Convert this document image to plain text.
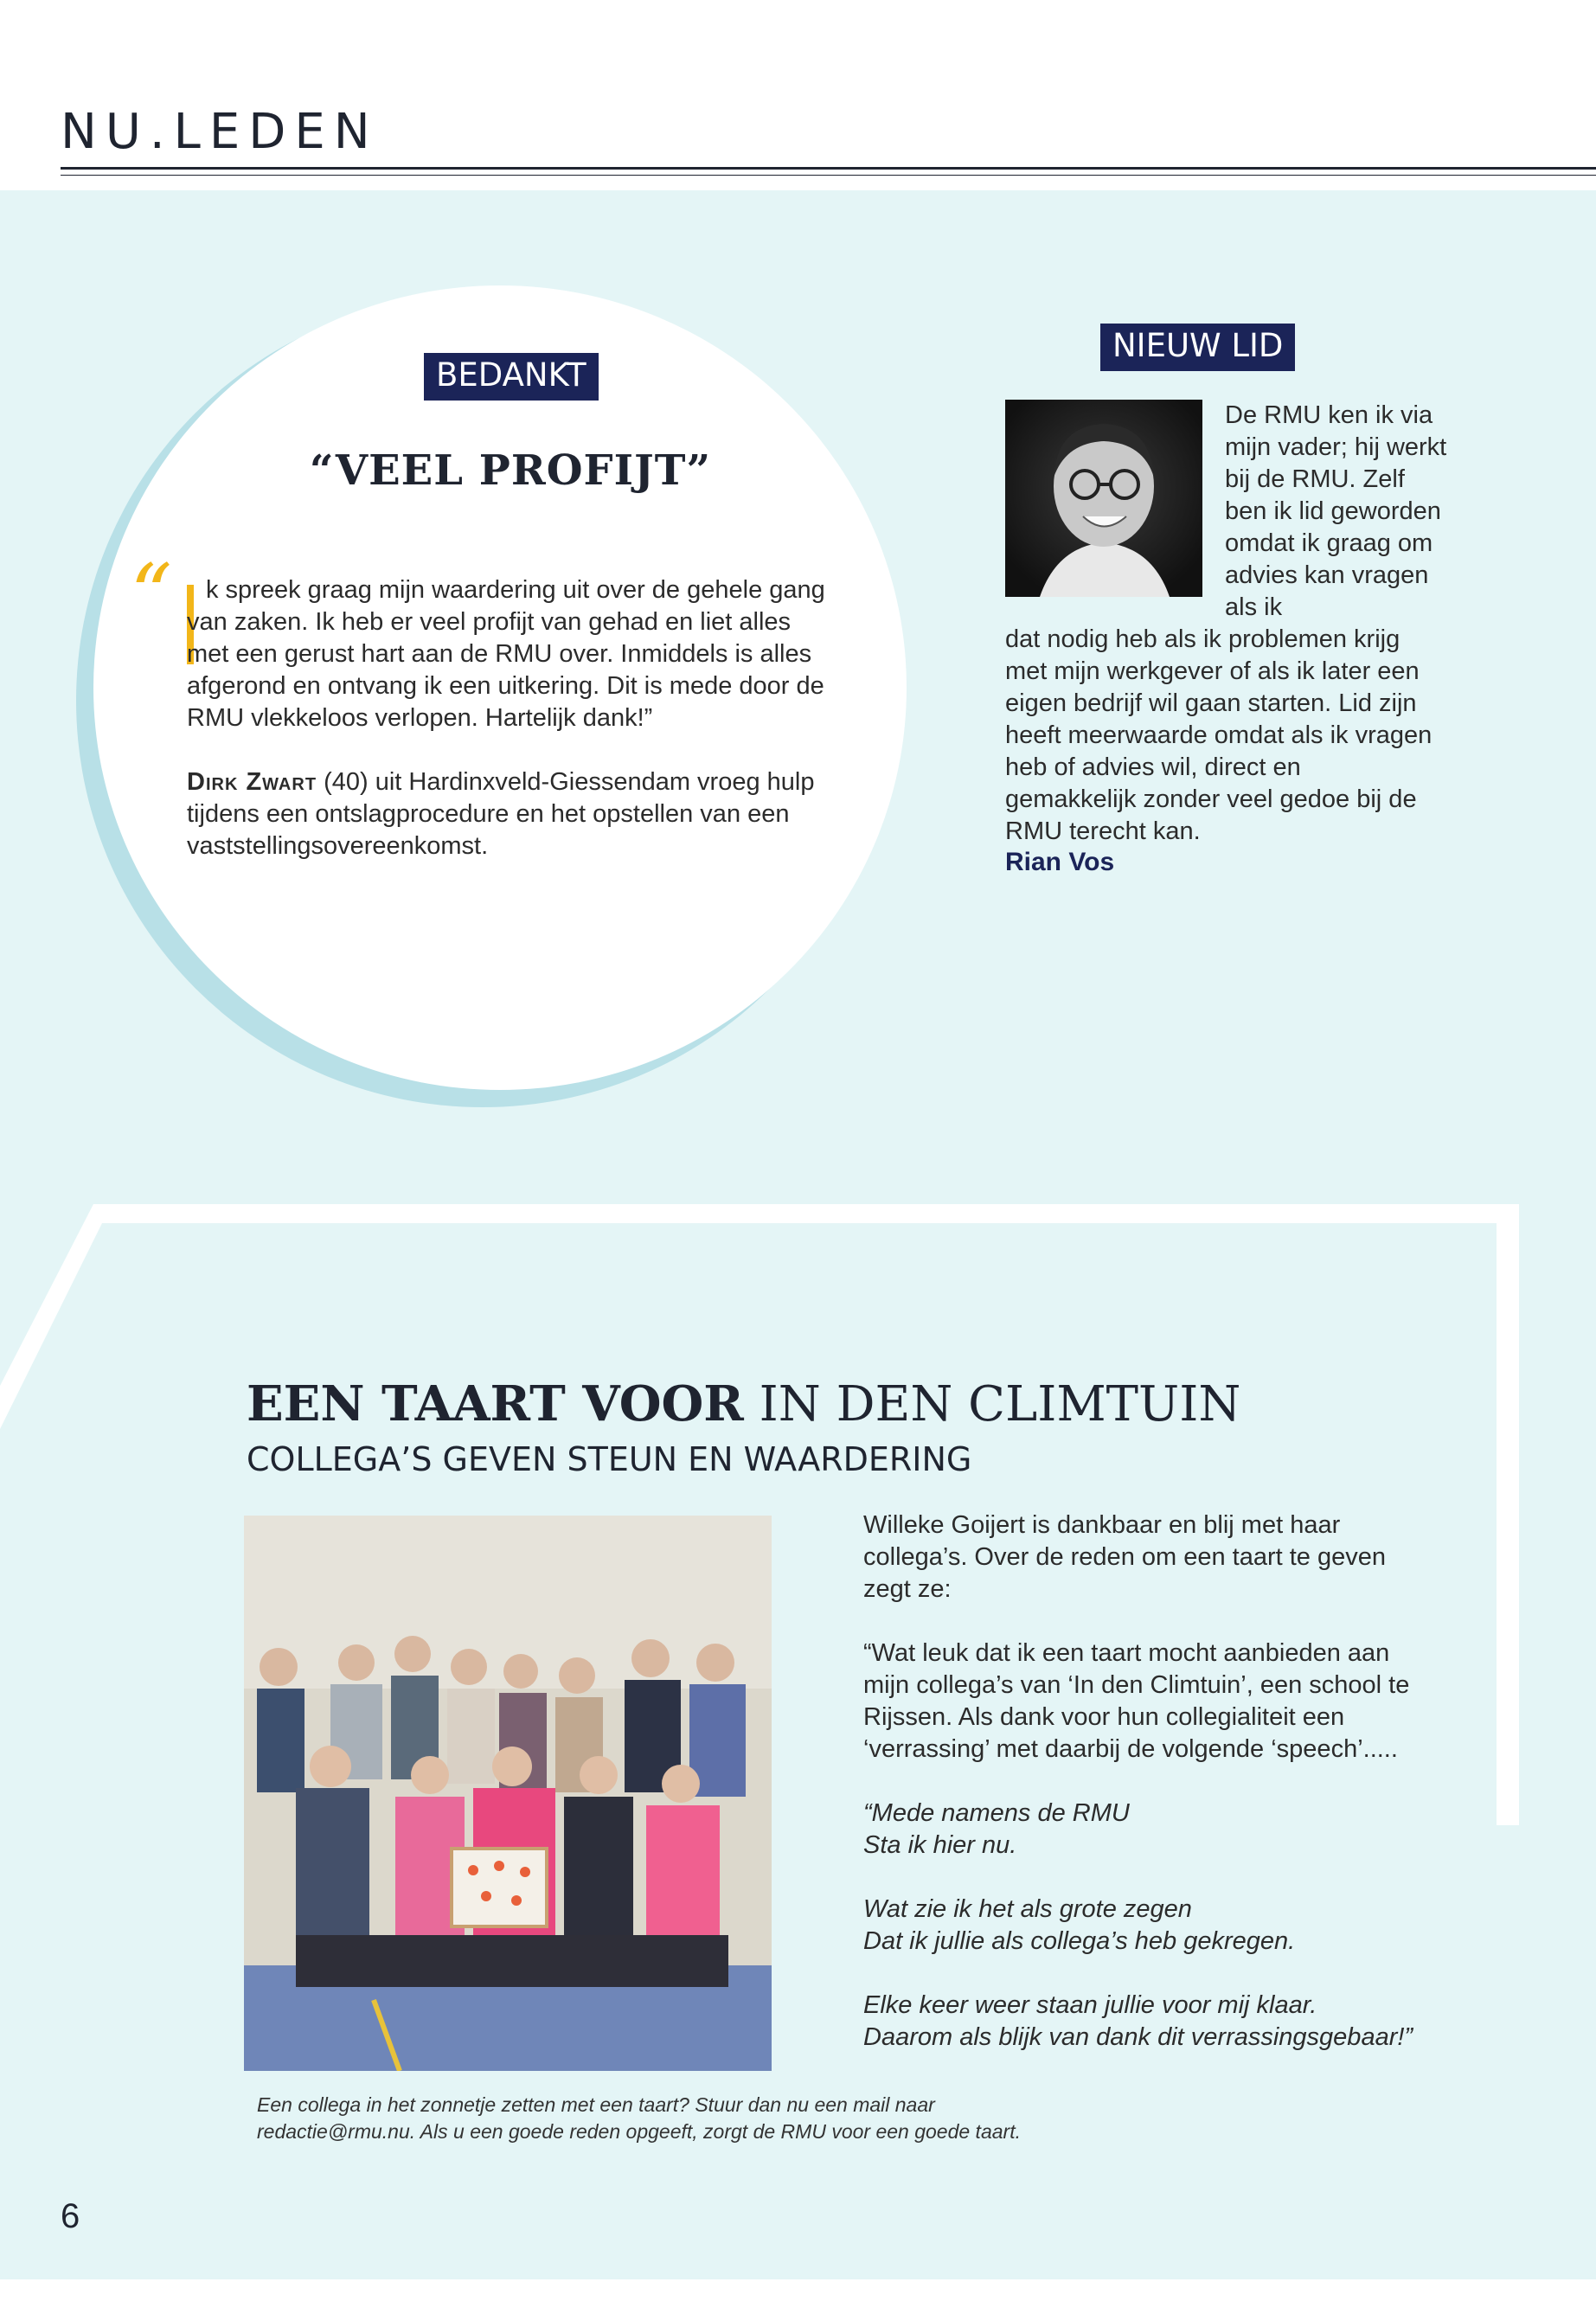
NU.LEDEN
BEDANKT
“VEEL PROFIJT”
“	k spreek graag mijn waardering uit over de gehele gang van zaken. Ik heb er veel profijt van gehad en liet alles met een gerust hart aan de RMU over. Inmiddels is alles afgerond en ontvang ik een uitkering. Dit is mede door de RMU vlekkeloos verlopen. Hartelijk dank!”
Dirk Zwart (40) uit Hardinxveld-Giessendam vroeg hulp tijdens een ontslagprocedure en het opstellen van een vaststellingsovereenkomst.
NIEUW LID
De RMU ken ik via mijn vader; hij werkt bij de RMU. Zelf ben ik lid geworden omdat ik graag om advies kan vragen als ik
dat nodig heb als ik problemen krijg met mijn werkgever of als ik later een eigen bedrijf wil gaan starten. Lid zijn heeft meerwaarde omdat als ik vragen heb of advies wil, direct en gemakkelijk zonder veel gedoe bij de RMU terecht kan.
Rian Vos
EEN TAART VOOR IN DEN CLIMTUIN
COLLEGA’S GEVEN STEUN EN WAARDERING

Willeke Goijert is dankbaar en blij met haar collega’s. Over de reden om een taart te geven zegt ze:

“Wat leuk dat ik een taart mocht aanbieden aan mijn collega’s van ‘In den Climtuin’, een school te Rijssen. Als dank voor hun collegialiteit een ‘verrassing’ met daarbij de volgende ‘speech’.....

“Mede namens de RMU
Sta ik hier nu.

Wat zie ik het als grote zegen
Dat ik jullie als collega’s heb gekregen.

Elke keer weer staan jullie voor mij klaar.
Daarom als blijk van dank dit verrassingsgebaar!”

Een collega in het zonnetje zetten met een taart? Stuur dan nu een mail naar
redactie@rmu.nu. Als u een goede reden opgeeft, zorgt de RMU voor een goede taart.
6
